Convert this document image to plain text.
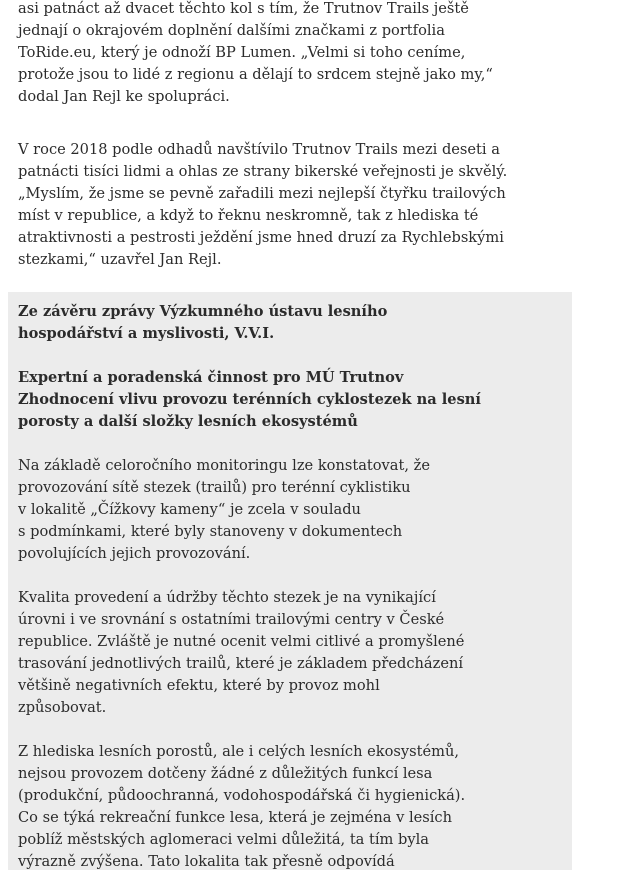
asi patnáct až dvacet těchto kol s tím, že Trutnov Trails ještě
jednají o okrajovém doplnění dalšími značkami z portfolia
ToRide.eu, který je odnoží BP Lumen. „Velmi si toho ceníme,
protože jsou to lidé z regionu a dělají to srdcem stejně jako my,“
dodal Jan Rejl ke spolupráci.

V roce 2018 podle odhadů navštívilo Trutnov Trails mezi deseti a
patnácti tisíci lidmi a ohlas ze strany bikerské veřejnosti je skvělý.
„Myslím, že jsme se pevně zařadili mezi nejlepší čtyřku trailových
míst v republice, a když to řeknu neskromně, tak z hlediska té
atraktivnosti a pestrosti ježdění jsme hned druzí za Rychlebskými
stezkami,“ uzavřel Jan Rejl.

Ze závěru zprávy Výzkumného ústavu lesního
hospodářství a myslivosti, V.V.I.

Expertní a poradenská činnost pro MÚ Trutnov
Zhodnocení vlivu provozu terénních cyklostezek na lesní
porosty a další složky lesních ekosystémů

Na základě celoročního monitoringu lze konstatovat, že
provozování sítě stezek (trailů) pro terénní cyklistiku
v lokalitě „Čížkovy kameny“ je zcela v souladu
s podmínkami, které byly stanoveny v dokumentech
povolujících jejich provozování.

Kvalita provedení a údržby těchto stezek je na vynikající
úrovni i ve srovnání s ostatními trailovými centry v České
republice. Zvláště je nutné ocenit velmi citlivé a promyšlené
trasování jednotlivých trailů, které je základem předcházení
většině negativních efektu, které by provoz mohl
způsobovat.

Z hlediska lesních porostů, ale i celých lesních ekosystémů,
nejsou provozem dotčeny žádné z důležitých funkcí lesa
(produkční, půdoochranná, vodohospodářská či hygienická).
Co se týká rekreační funkce lesa, která je zejména v lesích
poblíž městských aglomeraci velmi důležitá, ta tím byla
výrazně zvýšena. Tato lokalita tak přesně odpovídá
